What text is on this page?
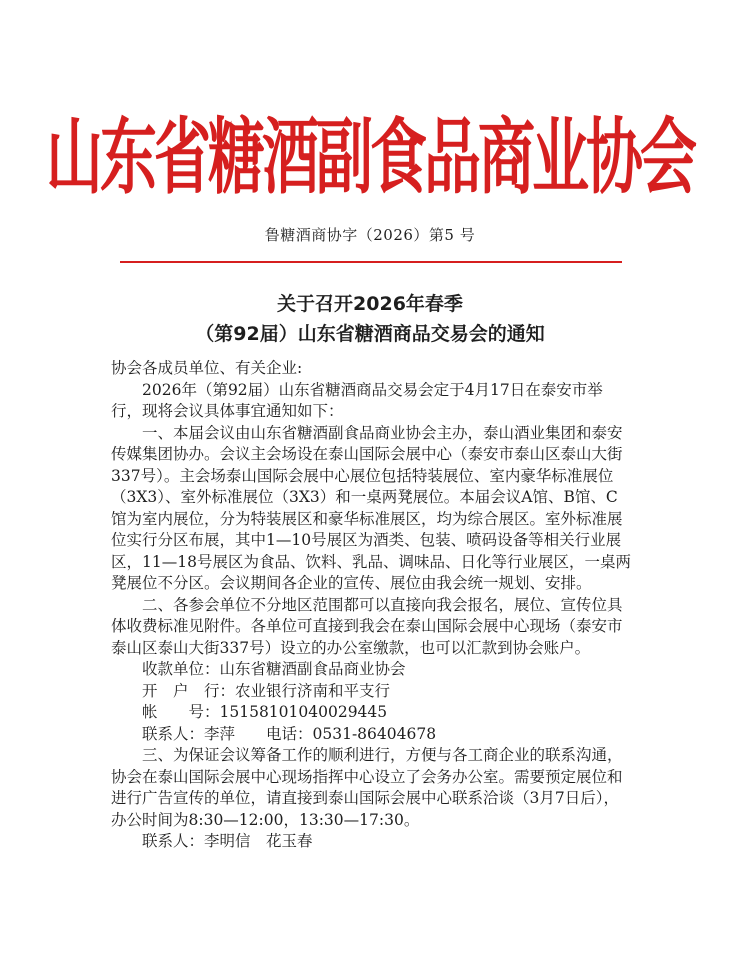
山东省糖酒副食品商业协会
鲁糖酒商协字（2026）第5 号
关于召开2026年春季
（第92届）山东省糖酒商品交易会的通知

协会各成员单位、有关企业:

2026年（第92届）山东省糖酒商品交易会定于4月17日在泰安市举行，现将会议具体事宜通知如下：

一、本届会议由山东省糖酒副食品商业协会主办，泰山酒业集团和泰安传媒集团协办。会议主会场设在泰山国际会展中心（泰安市泰山区泰山大街337号）。主会场泰山国际会展中心展位包括特装展位、室内豪华标准展位（3X3）、室外标准展位（3X3）和一桌两凳展位。本届会议A馆、B馆、C馆为室内展位，分为特装展区和豪华标准展区，均为综合展区。室外标准展位实行分区布展，其中1—10号展区为酒类、包装、喷码设备等相关行业展区，11—18号展区为食品、饮料、乳品、调味品、日化等行业展区，一桌两凳展位不分区。会议期间各企业的宣传、展位由我会统一规划、安排。

二、各参会单位不分地区范围都可以直接向我会报名，展位、宣传位具体收费标准见附件。各单位可直接到我会在泰山国际会展中心现场（泰安市泰山区泰山大街337号）设立的办公室缴款，也可以汇款到协会账户。

收款单位：山东省糖酒副食品商业协会

开　户　行：农业银行济南和平支行

帐　　号：15158101040029445

联系人：李萍　　电话：0531-86404678

三、为保证会议筹备工作的顺利进行，方便与各工商企业的联系沟通，协会在泰山国际会展中心现场指挥中心设立了会务办公室。需要预定展位和进行广告宣传的单位，请直接到泰山国际会展中心联系洽谈（3月7日后），办公时间为8:30—12:00，13:30—17:30。

联系人：李明信　花玉春
